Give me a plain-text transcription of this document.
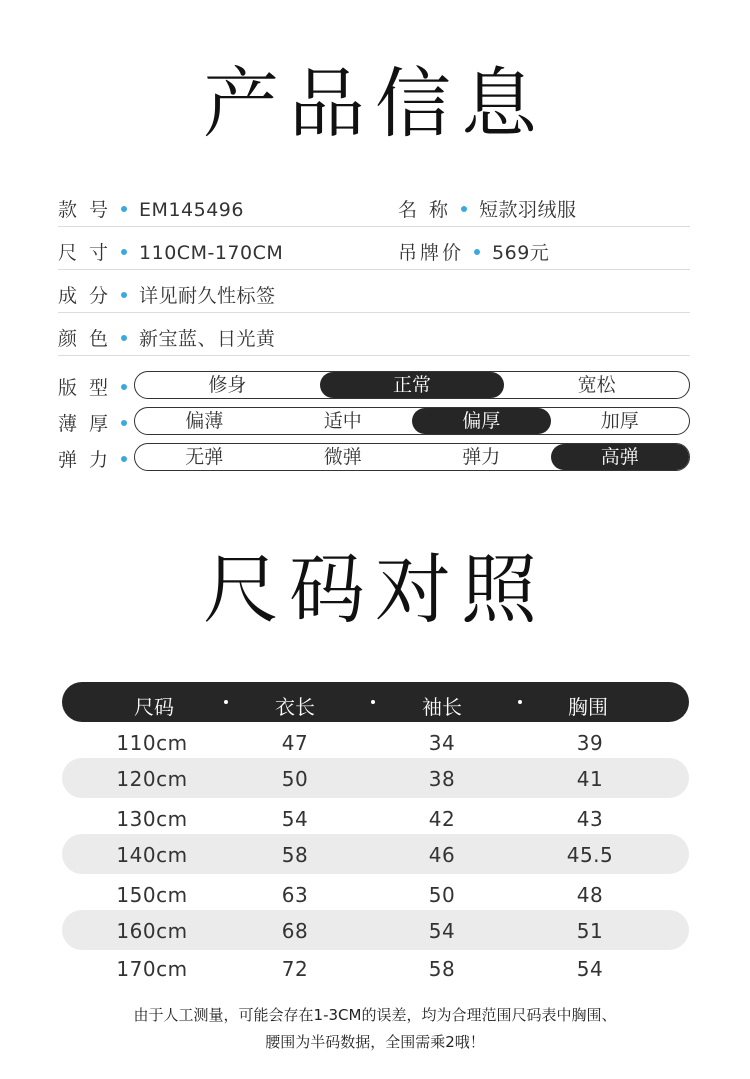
产品信息
款 号 EM145496	名 称 短款羽绒服
尺 寸 110CM-170CM	吊牌价 569元
成 分 详见耐久性标签
颜 色 新宝蓝、日光黄
版 型	修身	正常	宽松
薄 厚	偏薄	适中	偏厚	加厚
弹 力	无弹	微弹	弹力	高弹
尺码对照
尺码	衣长	袖长	胸围
110cm	47	34	39
120cm	50	38	41
130cm	54	42	43
140cm	58	46	45.5
150cm	63	50	48
160cm	68	54	51
170cm	72	58	54
由于人工测量，可能会存在1-3CM的误差，均为合理范围尺码表中胸围、
腰围为半码数据，全围需乘2哦！
